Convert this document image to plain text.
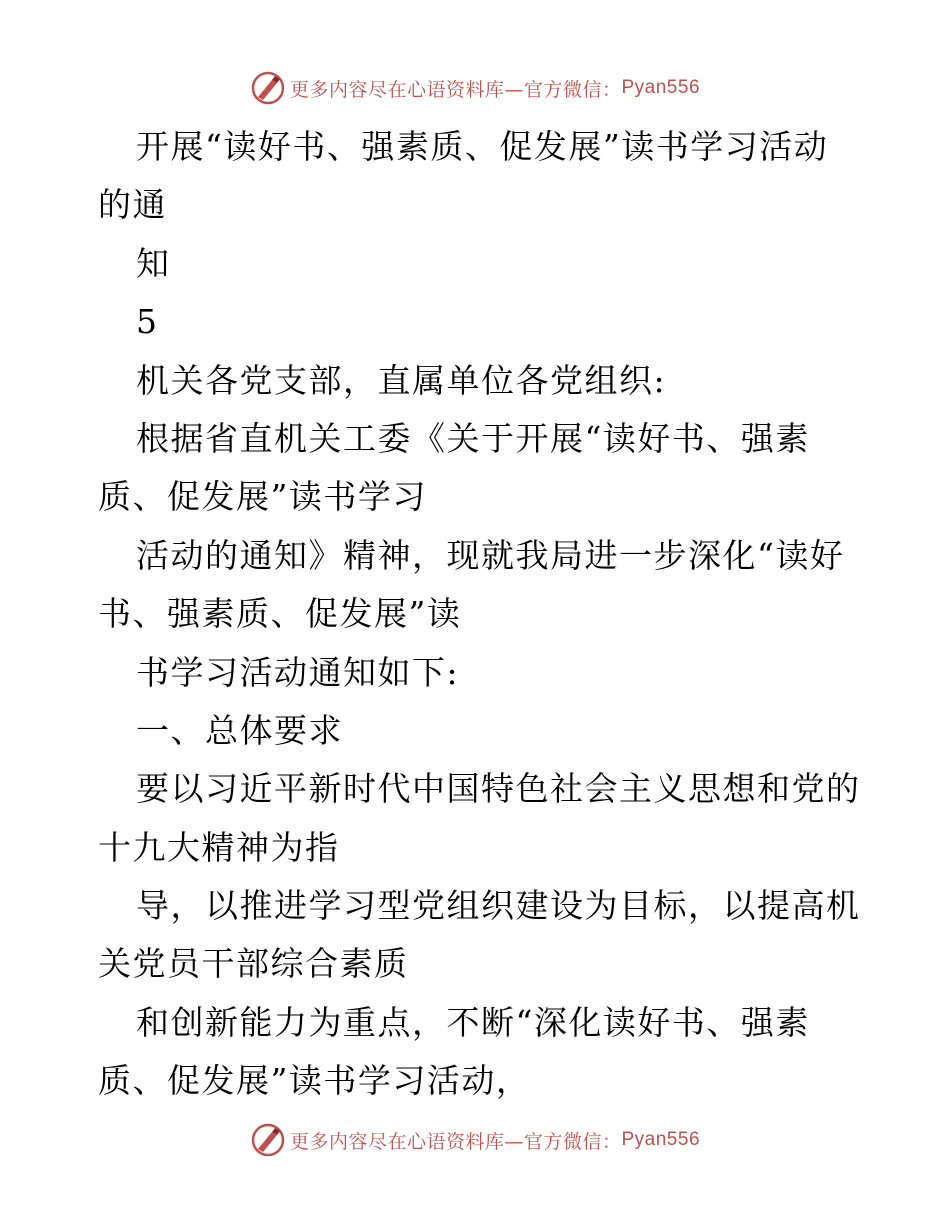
更多内容尽在心语资料库—官方微信： Pyan556
开展“读好书、强素质、促发展”读书学习活动
的通
知
5
机关各党支部，直属单位各党组织:
根据省直机关工委《关于开展“读好书、强素
质、促发展”读书学习
活动的通知》精神，现就我局进一步深化“读好
书、强素质、促发展”读
书学习活动通知如下:
一、总体要求
要以习近平新时代中国特色社会主义思想和党的
十九大精神为指
导，以推进学习型党组织建设为目标，以提高机
关党员干部综合素质
和创新能力为重点，不断“深化读好书、强素
质、促发展”读书学习活动，
更多内容尽在心语资料库—官方微信： Pyan556
